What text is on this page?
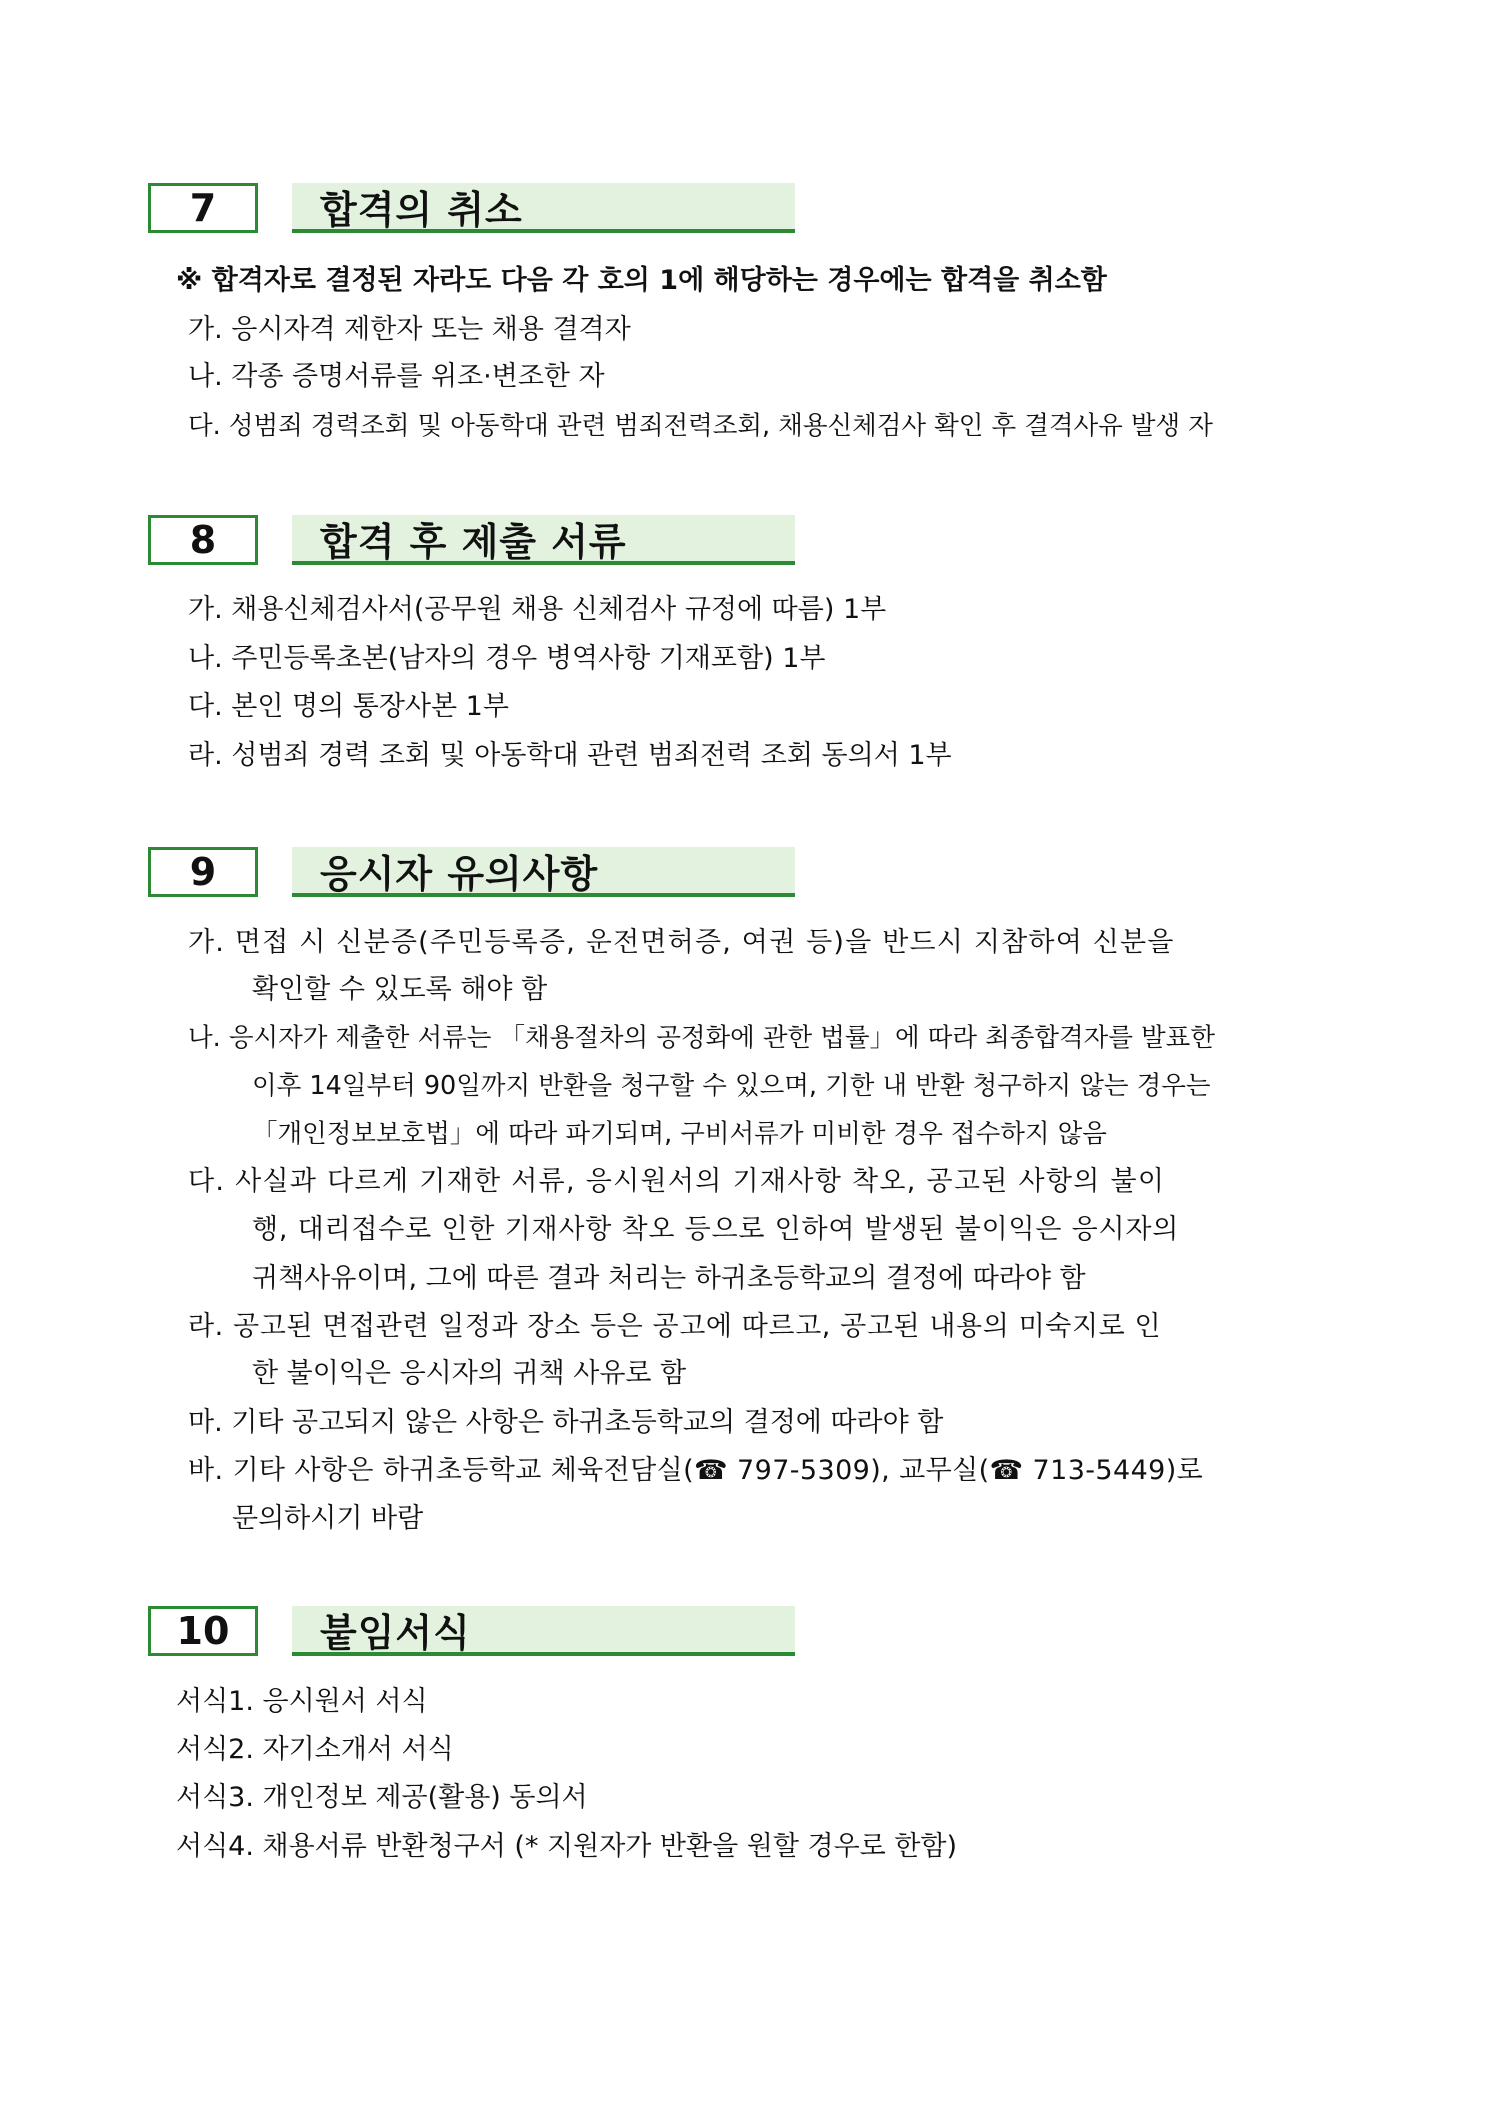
7	합격의 취소
※ 합격자로 결정된 자라도 다음 각 호의 1에 해당하는 경우에는 합격을 취소함
가. 응시자격 제한자 또는 채용 결격자
나. 각종 증명서류를 위조·변조한 자
다. 성범죄 경력조회 및 아동학대 관련 범죄전력조회, 채용신체검사 확인 후 결격사유 발생 자
8	합격 후 제출 서류
가. 채용신체검사서(공무원 채용 신체검사 규정에 따름) 1부
나. 주민등록초본(남자의 경우 병역사항 기재포함) 1부
다. 본인 명의 통장사본 1부
라. 성범죄 경력 조회 및 아동학대 관련 범죄전력 조회 동의서 1부
9	응시자 유의사항
가. 면접 시 신분증(주민등록증, 운전면허증, 여권 등)을 반드시 지참하여 신분을
확인할 수 있도록 해야 함
나. 응시자가 제출한 서류는 「채용절차의 공정화에 관한 법률」에 따라 최종합격자를 발표한
이후 14일부터 90일까지 반환을 청구할 수 있으며, 기한 내 반환 청구하지 않는 경우는
「개인정보보호법」에 따라 파기되며, 구비서류가 미비한 경우 접수하지 않음
다. 사실과 다르게 기재한 서류, 응시원서의 기재사항 착오, 공고된 사항의 불이
행, 대리접수로 인한 기재사항 착오 등으로 인하여 발생된 불이익은 응시자의
귀책사유이며, 그에 따른 결과 처리는 하귀초등학교의 결정에 따라야 함
라. 공고된 면접관련 일정과 장소 등은 공고에 따르고, 공고된 내용의 미숙지로 인
한 불이익은 응시자의 귀책 사유로 함
마. 기타 공고되지 않은 사항은 하귀초등학교의 결정에 따라야 함
바. 기타 사항은 하귀초등학교 체육전담실(☎ 797-5309), 교무실(☎ 713-5449)로
문의하시기 바람
10	붙임서식
서식1. 응시원서 서식
서식2. 자기소개서 서식
서식3. 개인정보 제공(활용) 동의서
서식4. 채용서류 반환청구서 (* 지원자가 반환을 원할 경우로 한함)
